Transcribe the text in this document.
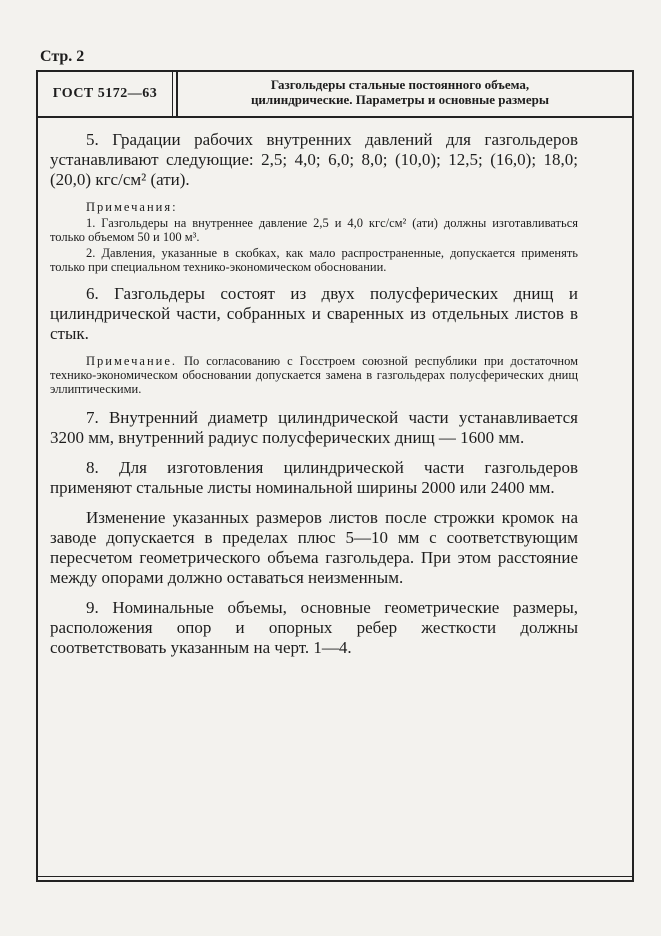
Стр. 2
ГОСТ 5172—63
Газгольдеры стальные постоянного объема,
цилиндрические. Параметры и основные размеры

5. Градации рабочих внутренних давлений для газгольдеров устанавливают следующие: 2,5; 4,0; 6,0; 8,0; (10,0); 12,5; (16,0); 18,0; (20,0) кгс/см² (ати).

Примечания:

1. Газгольдеры на внутреннее давление 2,5 и 4,0 кгс/см² (ати) должны изготавливаться только объемом 50 и 100 м³.

2. Давления, указанные в скобках, как мало распространенные, допускается применять только при специальном технико-экономическом обосновании.

6. Газгольдеры состоят из двух полусферических днищ и цилиндрической части, собранных и сваренных из отдельных листов в стык.

Примечание. По согласованию с Госстроем союзной республики при достаточном технико-экономическом обосновании допускается замена в газгольдерах полусферических днищ эллиптическими.

7. Внутренний диаметр цилиндрической части устанавливается 3200 мм, внутренний радиус полусферических днищ — 1600 мм.

8. Для изготовления цилиндрической части газгольдеров применяют стальные листы номинальной ширины 2000 или 2400 мм.

Изменение указанных размеров листов после строжки кромок на заводе допускается в пределах плюс 5—10 мм с соответствующим пересчетом геометрического объема газгольдера. При этом расстояние между опорами должно оставаться неизменным.

9. Номинальные объемы, основные геометрические размеры, расположения опор и опорных ребер жесткости должны соответствовать указанным на черт. 1—4.
